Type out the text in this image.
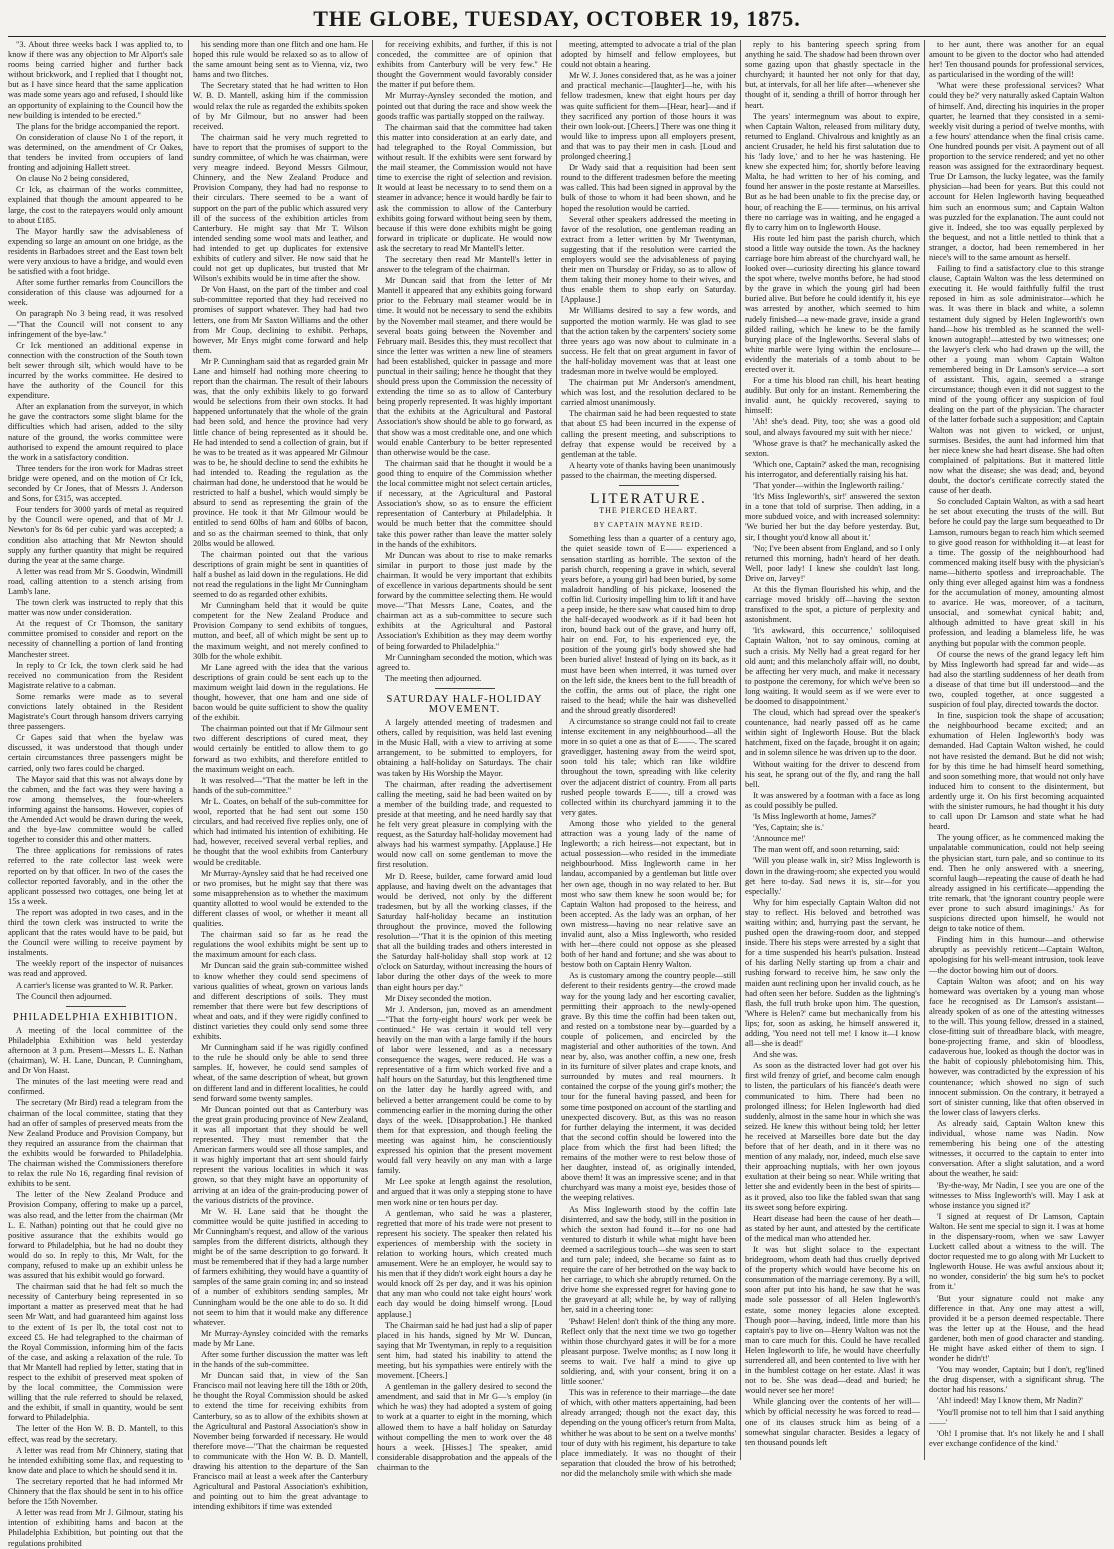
THE GLOBE, TUESDAY, OCTOBER 19, 1875.

"3. About three weeks back I was applied to, to know if there was any objection to Mr Alport's sale rooms being carried higher and further back without brickwork, and I replied that I thought not, but as I have since heard that the same application was made some years ago and refused, I should like an opportunity of explaining to the Council how the new building is intended to be erected."

The plans for the bridge accompanied the report.

On consideration of clause No 1 of the report, it was determined, on the amendment of Cr Oakes, that tenders be invited from occupiers of land fronting and adjoining Hallett street.

On clause No 2 being considered,

Cr Ick, as chairman of the works committee, explained that though the amount appeared to be large, the cost to the ratepayers would only amount to about £185.

The Mayor hardly saw the advisableness of expending so large an amount on one bridge, as the residents in Barbadoes street and the East town belt were very anxious to have a bridge, and would even be satisfied with a foot bridge.

After some further remarks from Councillors the consideration of this clause was adjourned for a week.

On paragraph No 3 being read, it was resolved—"That the Council will not consent to any infringement of the bye-law."

Cr Ick mentioned an additional expense in connection with the construction of the South town belt sewer through silt, which would have to be incurred by the works committee. He desired to have the authority of the Council for this expenditure.

After an explanation from the surveyor, in which he gave the contractors some slight blame for the difficulties which had arisen, added to the silty nature of the ground, the works committee were authorised to expend the amount required to place the work in a satisfactory condition.

Three tenders for the iron work for Madras street bridge were opened, and on the motion of Cr Ick, seconded by Cr Jones, that of Messrs J. Anderson and Sons, for £315, was accepted.

Four tenders for 3000 yards of metal as required by the Council were opened, and that of Mr J. Newton's for 8s 6d per cubic yard was accepted; a condition also attaching that Mr Newton should supply any further quantity that might be required during the year at the same charge.

A letter was read from Mr S. Goodwin, Windmill road, calling attention to a stench arising from Lamb's lane.

The town clerk was instructed to reply that this matter was now under consideration.

At the request of Cr Thomson, the sanitary committee promised to consider and report on the necessity of channelling a portion of land fronting Manchester street.

In reply to Cr Ick, the town clerk said he had received no communication from the Resident Magistrate relative to a cabman.

Some remarks were made as to several convictions lately obtained in the Resident Magistrate's Court through hansom drivers carrying three passengers.

Cr Gapes said that when the byelaw was discussed, it was understood that though under certain circumstances three passengers might be carried, only two fares could be charged.

The Mayor said that this was not always done by the cabmen, and the fact was they were having a row among themselves, the four-wheelers informing against the hansoms. However, copies of the Amended Act would be drawn during the week, and the bye-law committee would be called together to consider this and other matters.

The three applications for remissions of rates referred to the rate collector last week were reported on by that officer. In two of the cases the collector reported favorably, and in the other the applicant possessed two cottages, one being let at 15s a week.

The report was adopted in two cases, and in the third the town clerk was instructed to write the applicant that the rates would have to be paid, but the Council were willing to receive payment by instalments.

The weekly report of the inspector of nuisances was read and approved.

A carrier's license was granted to W. R. Parker.

The Council then adjourned.

PHILADELPHIA EXHIBITION.

A meeting of the local committee of the Philadelphia Exhibition was held yesterday afternoon at 3 p.m. Present—Messrs L. E. Nathan (chairman), W. H. Lane, Duncan, P. Cunningham, and Dr Von Haast.

The minutes of the last meeting were read and confirmed.

The secretary (Mr Bird) read a telegram from the chairman of the local committee, stating that they had an offer of samples of preserved meats from the New Zealand Produce and Provision Company, but they required an assurance from the chairman that the exhibits would be forwarded to Philadelphia. The chairman wished the Commissioners therefore to relax the rule No 16, regarding final revision of exhibits to be sent.

The letter of the New Zealand Produce and Provision Company, offering to make up a parcel, was also read, and the letter from the chairman (Mr L. E. Nathan) pointing out that he could give no positive assurance that the exhibits would go forward to Philadelphia, but he had no doubt they would do so. In reply to this, Mr Walt, for the company, refused to make up an exhibit unless he was assured that his exhibit would go forward.

The chairman said that he had felt so much the necessity of Canterbury being represented in so important a matter as preserved meat that he had seen Mr Watt, and had guaranteed him against loss to the extent of 1s per lb, the total cost not to exceed £5. He had telegraphed to the chairman of the Royal Commission, informing him of the facts of the case, and asking a relaxation of the rule. To that Mr Mantell had replied by letter, stating that in respect to the exhibit of preserved meat spoken of by the local committee, the Commission were willing that the rule referred to should be relaxed, and the exhibit, if small in quantity, would be sent forward to Philadelphia.

The letter of the Hon W. B. D. Mantell, to this effect, was read by the secretary.

A letter was read from Mr Chinnery, stating that he intended exhibiting some flax, and requesting to know date and place to which he should send it in.

The secretary reported that he had informed Mr Chinnery that the flax should be sent in to his office before the 15th November.

A letter was read from Mr J. Gilmour, stating his intention of exhibiting hams and bacon at the Philadelphia Exhibition, but pointing out that the regulations prohibited

his sending more than one flitch and one ham. He hoped this rule would be relaxed so as to allow of the same amount being sent as to Vienna, viz, two hams and two flitches.

The Secretary stated that he had written to Hon W. B. D. Mantell, asking him if the commission would relax the rule as regarded the exhibits spoken of by Mr Gilmour, but no answer had been received.

The chairman said he very much regretted to have to report that the promises of support to the sundry committee, of which he was chairman, were very meagre indeed. Beyond Messrs Gilmour, Chinnery, and the New Zealand Produce and Provision Company, they had had no response to their circulars. There seemed to be a want of support on the part of the public which assured very ill of the success of the exhibition articles from Canterbury. He might say that Mr T. Wilson intended sending some wool mats and leather, and had intended to get up duplicates for extensive exhibits of cutlery and silver. He now said that he could not get up duplicates, but trusted that Mr Wilson's exhibits would be in time after the show.

Dr Von Haast, on the part of the timber and coal sub-committee reported that they had received no promises of support whatever. They had had two letters, one from Mr Saxton Williams and the other from Mr Coup, declining to exhibit. Perhaps, however, Mr Enys might come forward and help them.

Mr P. Cunningham said that as regarded grain Mr Lane and himself had nothing more cheering to report than the chairman. The result of their labours was, that the only exhibits likely to go forward would be selections from their own stocks. It had happened unfortunately that the whole of the grain had been sold, and hence the province had very little chance of being represented as it should be. He had intended to send a collection of grain, but if he was to be treated as it was appeared Mr Gilmour was to be, he should decline to send the exhibits he had intended to. Reading the regulation as the chairman had done, he understood that he would be restricted to half a bushel, which would simply be absurd to send as representing the grain of the province. He took it that Mr Gilmour would be entitled to send 60lbs of ham and 60lbs of bacon, and so as the chairman seemed to think, that only 20lbs would be allowed.

The chairman pointed out that the various descriptions of grain might be sent in quantities of half a bushel as laid down in the regulations. He did not read the regulations in the light Mr Cunningham seemed to do as regarded other exhibits.

Mr Cunningham held that it would be quite competent for the New Zealand Produce and Provision Company to send exhibits of tongues, mutton, and beef, all of which might be sent up to the maximum weight, and not merely confined to 30lb for the whole exhibit.

Mr Lane agreed with the idea that the various descriptions of grain could be sent each up to the maximum weight laid down in the regulations. He thought, however, that one ham and one side of bacon would be quite sufficient to show the quality of the exhibit.

The chairman pointed out that if Mr Gilmour sent two different descriptions of cured meat, they would certainly be entitled to allow them to go forward as two exhibits, and therefore entitled to the maximum weight on each.

It was resolved—"That the matter be left in the hands of the sub-committee."

Mr L. Coates, on behalf of the sub-committee for wool, reported that he had sent out some 150 circulars, and had received five replies only, one of which had intimated his intention of exhibiting. He had, however, received several verbal replies, and he thought that the wool exhibits from Canterbury would be creditable.

Mr Murray-Aynsley said that he had received one or two promises, but he might say that there was some misapprehension as to whether the maximum quantity allotted to wool would be extended to the different classes of wool, or whether it meant all qualities.

The chairman said so far as he read the regulations the wool exhibits might be sent up to the maximum amount for each class.

Mr Duncan said the grain sub-committee wished to know whether they could send specimens of various qualities of wheat, grown on various lands and different descriptions of soils. They must remember that there were but few descriptions of wheat and oats, and if they were rigidly confined to distinct varieties they could only send some three exhibits.

Mr Cunningham said if he was rigidly confined to the rule he should only be able to send three samples. If, however, he could send samples of wheat, of the same description of wheat, but grown on different land and in different localities, he could send forward some twenty samples.

Mr Duncan pointed out that as Canterbury was the great grain producing province of New Zealand, it was all important that they should be well represented. They must remember that the American farmers would see all those samples, and it was highly important that art sent should fairly represent the various localities in which it was grown, so that they might have an opportunity of arriving at an idea of the grain-producing power of the various districts of the province.

Mr W. H. Lane said that he thought the committee would be quite justified in acceding to Mr Cunningham's request, and allow of the various samples from the different districts, although they might be of the same description to go forward. It must be remembered that if they had a large number of farmers exhibiting, they would have a quantity of samples of the same grain coming in; and so instead of a number of exhibitors sending samples, Mr Cunningham would be the one able to do so. It did not seem to him that it would make any difference whatever.

Mr Murray-Aynsley coincided with the remarks made by Mr Lane.

After some further discussion the matter was left in the hands of the sub-committee.

Mr Duncan said that, in view of the San Francisco mail not leaving here till the 18th or 20th, he thought the Royal Commission should be asked to extend the time for receiving exhibits from Canterbury, so as to allow of the exhibits shown at the Agricultural and Pastoral Association's show in November being forwarded if necessary. He would therefore move—"That the chairman be requested to communicate with the Hon W. B. D. Mantell, drawing his attention to the departure of the San Francisco mail at least a week after the Canterbury Agricultural and Pastoral Association's exhibition, and pointing out to him the great advantage to intending exhibitors if time was extended

for receiving exhibits, and further, if this is not conceded, the committee are of opinion that exhibits from Canterbury will be very few." He thought the Government would favorably consider the matter if put before them.

Mr Murray-Aynsley seconded the motion, and pointed out that during the race and show week the goods traffic was partially stopped on the railway.

The chairman said that the committee had taken this matter into consideration at an early date, and had telegraphed to the Royal Commission, but without result. If the exhibits were sent forward by the mail steamer, the Commission would not have time to exercise the right of selection and revision. It would at least be necessary to to send them on a steamer in advance; hence it would hardly be fair to ask the commission to allow of the Canterbury exhibits going forward without being seen by them, because if this were done exhibits might be going forward in triplicate or duplicate. He would now ask the secretary to read Mr Mantell's letter.

The secretary then read Mr Mantell's letter in answer to the telegram of the chairman.

Mr Duncan said that from the letter of Mr Mantell it appeared that any exhibits going forward prior to the February mail steamer would be in time. It would not be necessary to send the exhibits by the November mail steamer, and there would be several boats going between the November and February mail. Besides this, they must recollect that since the letter was written a new line of steamers had been established, quicker in passage and more punctual in their sailing; hence he thought that they should press upon the Commission the necessity of extending the time so as to allow of Canterbury being properly represented. It was highly important that the exhibits at the Agricultural and Pastoral Association's show should be able to go forward, as that show was a most creditable one, and one which would enable Canterbury to be better represented than otherwise would be the case.

The chairman said that he thought it would be a good thing to enquire of the Commission whether the local committee might not select certain articles, if necessary, at the Agricultural and Pastoral Association's show, so as to ensure the efficient representation of Canterbury at Philadelphia. It would be much better that the committee should take this power rather than leave the matter solely in the hands of the exhibitors.

Mr Duncan was about to rise to make remarks similar in purport to those just made by the chairman. It would be very important that exhibits of excellence in various departments should be sent forward by the committee selecting them. He would move—"That Messrs Lane, Coates, and the chairman act as a sub-committee to secure such exhibits at the Agricultural and Pastoral Association's Exhibition as they may deem worthy of being forwarded to Philadelphia."

Mr Cunningham seconded the motion, which was agreed to.

The meeting then adjourned.

SATURDAY HALF-HOLIDAY MOVEMENT.

A largely attended meeting of tradesmen and others, called by requisition, was held last evening in the Music Hall, with a view to arriving at some arrangement, to be submitted to employers, for obtaining a half-holiday on Saturdays. The chair was taken by His Worship the Mayor.

The chairman, after reading the advertisement calling the meeting, said he had been waited on by a member of the building trade, and requested to preside at that meeting, and he need hardly say that he felt very great pleasure in complying with the request, as the Saturday half-holiday movement had always had his warmest sympathy. [Applause.] He would now call on some gentleman to move the first resolution.

Mr D. Reese, builder, came forward amid loud applause, and having dwelt on the advantages that would be derived, not only by the different tradesmen, but by all the working classes, if the Saturday half-holiday became an institution throughout the province, moved the following resolution—"That it is the opinion of this meeting that all the building trades and others interested in the Saturday half-holiday shall stop work at 12 o'clock on Saturday, without increasing the hours of labor during the other days of the week to more than eight hours per day."

Mr Dixey seconded the motion.

Mr J. Anderson, jun, moved as an amendment—"That the forty-eight hours' work per week be continued." He was certain it would tell very heavily on the man with a large family if the hours of labor were lessened, and as a necessary consequence the wages, were reduced. He was a representative of a firm which worked five and a half hours on the Saturday, but this lengthened time on the latter day he hardly agreed with, and believed a better arrangement could be come to by commencing earlier in the morning during the other days of the week. [Disapprobation.] He thanked them for that expression, and though feeling the meeting was against him, he conscientiously expressed his opinion that the present movement would fall very heavily on any man with a large family.

Mr Lee spoke at length against the resolution, and argued that it was only a stepping stone to have men work nine or ten hours per day.

A gentleman, who said he was a plasterer, regretted that more of his trade were not present to represent his society. The speaker then related his experiences of membership with the society in relation to working hours, which created much amusement. Were he an employer, he would say to his men that if they didn't work eight hours a day he would knock off 2s per day, and it was his opinion that any man who could not take eight hours' work each day would be doing himself wrong. [Loud applause.]

The Chairman said he had just had a slip of paper placed in his hands, signed by Mr W. Duncan, saying that Mr Twentyman, in reply to a requisition sent him, had stated his inability to attend the meeting, but his sympathies were entirely with the movement. [Cheers.]

A gentleman in the gallery desired to second the amendment, and said that in Mr G—'s employ (in which he was) they had adopted a system of going to work at a quarter to eight in the morning, which allowed them to have a half holiday on Saturday without compelling the men to work over the 48 hours a week. [Hisses.] The speaker, amid considerable disapprobation and the appeals of the chairman to the

meeting, attempted to advocate a trial of the plan adopted by himself and fellow employees, but could not obtain a hearing.

Mr W. J. Jones considered that, as he was a joiner and practical mechanic—[laughter]—he, with his fellow tradesmen, knew that eight hours per day was quite sufficient for them—[Hear, hear]—and if they sacrificed any portion of those hours it was their own look-out. [Cheers.] There was one thing it would like to impress upon all employers present, and that was to pay their men in cash. [Loud and prolonged cheering.]

Dr Wady said that a requisition had been sent round to the different tradesmen before the meeting was called. This had been signed in approval by the bulk of those to whom it had been shown, and he hoped the resolution would be carried.

Several other speakers addressed the meeting in favor of the resolution, one gentleman reading an extract from a letter written by Mr Twentyman, suggesting that if the resolution were carried the employers would see the advisableness of paying their men on Thursday or Friday, so as to allow of them taking their money home to their wives, and thus enable them to shop early on Saturday. [Applause.]

Mr Williams desired to say a few words, and supported the motion warmly. He was glad to see that the action taken by the carpenters' society some three years ago was now about to culminate in a success. He felt that on great argument in favor of the half-holiday movement was that at least one tradesman more in twelve would be employed.

The chairman put Mr Anderson's amendment, which was lost, and the resolution declared to be carried almost unanimously.

The chairman said he had been requested to state that about £5 had been incurred in the expense of calling the present meeting, and subscriptions to defray that expense would be received by a gentleman at the table.

A hearty vote of thanks having been unanimously passed to the chairman, the meeting dispersed.

LITERATURE.
THE PIERCED HEART.
BY CAPTAIN MAYNE REID.

Something less than a quarter of a century ago, the quiet seaside town of E—— experienced a sensation startling as horrible. The sexton of the parish church, reopening a grave in which, several years before, a young girl had been buried, by some maladroit handling of his pickaxe, loosened the coffin lid. Curiosity impelling him to lift it and have a peep inside, he there saw what caused him to drop the half-decayed woodwork as if it had been hot iron, bound back out of the grave, and hurry off, hair on end. For, to his experienced eye, the position of the young girl's body showed she had been buried alive! Instead of lying on its back, as it must have been when interred, it was turned over on the left side, the knees bent to the full breadth of the coffin, the arms out of place, the right one raised to the head; while the hair was dishevelled and the shroud greatly disordered!

A circumstance so strange could not fail to create intense excitement in any neighbourhood—all the more in so quiet a one as that of E——. The scared gravedigger, hastening away from the weird spot, soon told his tale; which ran like wildfire throughout the town, spreading with like celerity over the adjacent district of country. From all parts rushed people towards E——, till a crowd was collected within its churchyard jamming it to the very gates.

Among those who yielded to the general attraction was a young lady of the name of Ingleworth; a rich heiress—not expectant, but in actual possession—who resided in the immediate neighbourhood. Miss Ingleworth came in her landau, accompanied by a gentleman but little over her own age, though in no way related to her. But most who saw them knew he soon would be; for Captain Walton had proposed to the heiress, and been accepted. As the lady was an orphan, of her own mistress—having no near relative save an invalid aunt, also a Miss Ingleworth, who resided with her—there could not oppose as she pleased both of her hand and fortune; and she was about to bestow both on Captain Henry Walton.

As is customary among the country people—still deferent to their residents gentry—the crowd made way for the young lady and her escorting cavalier, permitting their approach to the newly-opened grave. By this time the coffin had been taken out, and rested on a tombstone near by—guarded by a couple of policemen, and encircled by the magisterial and other authorities of the town. And near by, also, was another coffin, a new one, fresh in its furniture of silver plates and crape knots, and surrounded by mutes and real mourners. It contained the corpse of the young girl's mother; the tour for the funeral having passed, and been for some time postponed on account of the startling and unexpected discovery. But, as this was no reason for further delaying the interment, it was decided that the second coffin should be lowered into the place from which the first had been lifted; the remains of the mother were to rest below those of her daughter, instead of, as originally intended, above them! It was an impressive scene; and in that churchyard was many a moist eye, besides those of the weeping relatives.

As Miss Ingleworth stood by the coffin late disinterred, and saw the body, still in the position in which the sexton had found it—for no one had ventured to disturb it while what might have been deemed a sacrilegious touch—she was seen to start and turn pale; indeed, she became so faint as to require the care of her betrothed on the way back to her carriage, to which she abruptly returned. On the drive home she expressed regret for having gone to the graveyard at all; while he, by way of rallying her, said in a cheering tone:

'Pshaw! Helen! don't think of the thing any more. Reflect only that the next time we two go together within those churchyard gates it will be for a more pleasant purpose. Twelve months; as I now long it seems to wait. I've half a mind to give up soldiering, and, with your consent, bring it on a little sooner.'

This was in reference to their marriage—the date of which, with other matters appertaining, had been already arranged; though not the exact day, this depending on the young officer's return from Malta, whither he was about to be sent on a twelve months' tour of duty with his regiment, his departure to take place immediately. It was no thought of their separation that clouded the brow of his betrothed; nor did the melancholy smile with which she made

reply to his bantering speech spring from anything he said. The shadow had been thrown over some gazing upon that ghastly spectacle in the churchyard; it haunted her not only for that day, but, at intervals, for all her life after—whenever she thought of it, sending a thrill of horror through her heart.

The years' intermegnum was about to expire, when Captain Walton, released from military duty, returned to England. Chivalrous and knightly as an ancient Crusader, he held his first salutation due to his 'lady love,' and to her he was hastening. He knew she expected him; for, shortly before leaving Malta, he had written to her of his coming, and found her answer in the poste restante at Marseilles. But as he had been unable to fix the precise day, or hour, of reaching the E—— terminus, on his arrival there no carriage was in waiting, and he engaged a fly to carry him on to Ingleworth House.

His route led him past the parish church, which stood a little way outside the town. As the hackney carriage bore him abreast of the churchyard wall, he looked over—curiosity directing his glance toward the spot where, twelve months before, he had stood by the grave in which the young girl had been buried alive. But before he could identify it, his eye was arrested by another, which seemed to him rudely finished—a new-made grave, inside a grand gilded railing, which he knew to be the family burying place of the Ingleworths. Several slabs of white marble were lying within the enclosure—evidently the materials of a tomb about to be erected over it.

For a time his blood ran chill, his heart beating audibly. But only for an instant. Remembering the invalid aunt, he quickly recovered, saying to himself:

'Ah! she's dead. Pity, too; she was a good old soul, and always favoured my suit with her niece.'

'Whose grave is that?' he mechanically asked the sexton.

'Which one, Captain?' asked the man, recognising his interrogator, and deferentially raising his hat.

'That yonder—within the Ingleworth railing.'

'It's Miss Ingleworth's, sir!' answered the sexton in a tone that told of surprise. Then adding, in a more subdued voice, and with increased solemnity: 'We buried her but the day before yesterday. But, sir, I thought you'd know all about it.'

'No; I've been absent from England, and so I only returned this morning, hadn't heard of her death. Well, poor lady! I knew she couldn't last long. Drive on, Jarvey!'

At this the flyman flourished his whip, and the carriage moved briskly off—having the sexton transfixed to the spot, a picture of perplexity and astonishment.

'It's awkward, this occurrence,' soliloquised Captain Walton, 'not to say ominous, coming at such a crisis. My Nelly had a great regard for her old aunt; and this melancholy affair will, no doubt, be affecting her very much, and make it necessary to postpone the ceremony, for which we've been so long waiting. It would seem as if we were ever to be doomed to disappointment.'

The cloud, which had spread over the speaker's countenance, had nearly passed off as he came within sight of Ingleworth House. But the black hatchment, fixed on the façade, brought it on again; and in solemn silence he was driven up to the door.

Without waiting for the driver to descend from his seat, he sprang out of the fly, and rang the hall bell.

It was answered by a footman with a face as long as could possibly be pulled.

'Is Miss Ingleworth at home, James?'

'Yes, Captain; she is.'

'Announce me!'

The man went off, and soon returning, said:

'Will you please walk in, sir? Miss Ingleworth is down in the drawing-room; she expected you would get here to-day. Sad news it is, sir—for you especially.'

Why for him especially Captain Walton did not stay to reflect. His beloved and betrothed was waiting within; and, hurrying past the servant, he pushed open the drawing-room door, and stepped inside. There his steps were arrested by a sight that for a time suspended his heart's pulsation. Instead of his darling Nelly starting up from a chair and rushing forward to receive him, he saw only the maiden aunt reclining upon her invalid couch, as he had often seen her before. Sudden as the lightning's flash, the full truth broke upon him. The question, 'Where is Helen?' came but mechanically from his lips; for, soon as asking, he himself answered it, adding, 'You need not tell me! I know it—I know all—she is dead!'

And she was.

As soon as the distracted lover had got over his first wild frenzy of grief, and become calm enough to listen, the particulars of his fiancée's death were communicated to him. There had been no prolonged illness; for Helen Ingleworth had died suddenly, almost in the same hour in which she was seized. He knew this without being told; her letter he received at Marseilles bore date but the day before that of her death, and in it there was no mention of any malady, nor, indeed, much else save their approaching nuptials, with her own joyous exultation at their being so near. While writing that letter she and evidently been in the best of spirits—as it proved, also too like the fabled swan that sang its sweet song before expiring.

Heart disease had been the cause of her death—as stated by her aunt, and attested by the certificate of the medical man who attended her.

It was but slight solace to the expectant bridegroom, whom death had thus cruelly deprived of the property which would have become his on consummation of the marriage ceremony. By a will, soon after put into his hand, he saw that he was made sole possessor of all Helen Ingleworth's estate, some money legacies alone excepted. Though poor—having, indeed, little more than his captain's pay to live on—Henry Walton was not the man to care much for this. Could he have recalled Helen Ingleworth to life, he would have cheerfully surrendered all, and been contented to live with her in the humblest cottage on her estate. Alas! it was not to be. She was dead—dead and buried; he would never see her more!

While glancing over the contents of her will—which by official necessity he was forced to read—one of its clauses struck him as being of a somewhat singular character. Besides a legacy of ten thousand pounds left

to her aunt, there was another for an equal amount to be given to the doctor who had attended her! Ten thousand pounds for professional services, as particularised in the wording of the will!

'What were these professional services? What could they be?' very naturally asked Captain Walton of himself. And, directing his inquiries in the proper quarter, he learned that they consisted in a semi-weekly visit during a period of twelve months, with a few hours' attendance when the final crisis came. One hundred pounds per visit. A payment out of all proportion to the service rendered; and yet no other reason was assigned for the extraordinary bequest. True Dr Lamson, the lucky legatee, was the family physician—had been for years. But this could not account for Helen Ingleworth having bequeathed him such an enormous sum; and Captain Walton was puzzled for the explanation. The aunt could not give it. Indeed, she too was equally perplexed by the bequest, and not a little nettled to think that a stranger, a doctor, had been remembered in her niece's will to the same amount as herself.

Failing to find a satisfactory clue to this strange clause, Captain Walton was the less determined on executing it. He would faithfully fulfil the trust reposed in him as sole administrator—which he was. It was there in black and white, a solemn testament duly signed by Helen Ingleworth's own hand—how his trembled as he scanned the well-known autograph!—attested by two witnesses; one the lawyer's clerk who had drawn up the will, the other a young man whom Captain Walton remembered being in Dr Lamson's service—a sort of assistant. This, again, seemed a strange circumstance; though even it did not suggest to the mind of the young officer any suspicion of foul dealing on the part of the physician. The character of the latter forbade such a supposition; and Captain Walton was not given to wicked, or unjust, surmises. Besides, the aunt had informed him that her niece knew she had heart disease. She had often complained of palpitations. But it mattered little now what the disease; she was dead; and, beyond doubt, the doctor's certificate correctly stated the cause of her death.

So concluded Captain Walton, as with a sad heart he set about executing the trusts of the will. But before he could pay the large sum bequeathed to Dr Lamson, rumours began to reach him which seemed to give good reason for withholding it—at least for a time. The gossip of the neighbourhood had commenced making itself busy with the physician's name—hitherto spotless and irreproachable. The only thing ever alleged against him was a fondness for the accumulation of money, amounting almost to avarice. He was, moreover, of a taciturn, unsocial, and somewhat cynical habit; and, although admitted to have great skill in his profession, and leading a blameless life, he was anything but popular with the common people.

Of course the news of the grand legacy left him by Miss Ingleworth had spread far and wide—as had also the startling suddenness of her death from a disease of that time but ill understood—and the two, coupled together, at once suggested a suspicion of foul play, directed towards the doctor.

In fine, suspicion took the shape of accusation; the neighbourhood became excited; and an exhumation of Helen Ingleworth's body was demanded. Had Captain Walton wished, he could not have resisted the demand. But he did not wish; for by this time he had himself heard something, and soon something more, that would not only have induced him to consent to the disinterment, but ardently urge it. On his first becoming acquainted with the sinister rumours, he had thought it his duty to call upon Dr Lamson and state what he had heard.

The young officer, as he commenced making the unpalatable communication, could not help seeing the physician start, turn pale, and so continue to its end. Then he only answered with a sneering, scornful laugh—repeating the cause of death he had already assigned in his certificate—appending the trite remark, that 'the ignorant country people were ever prone to such absurd imaginings.' As for suspicions directed upon himself, he would not deign to take notice of them.

Finding him in this humour—and otherwise abruptly as peevishly reticent—Captain Walton, apologising for his well-meant intrusion, took leave—the doctor bowing him out of doors.

Captain Walton was afoot; and on his way homeward was overtaken by a young man whose face he recognised as Dr Lamson's assistant—already spoken of as one of the attesting witnesses to the will. This young fellow, dressed in a stained, close-fitting suit of threadbare black, with meagre, bone-projecting frame, and skin of bloodless, cadaverous hue, looked as though the doctor was in the habit of copiously phlebotomising him. This, however, was contradicted by the expression of his countenance; which showed no sign of such innocent submission. On the contrary, it betrayed a sort of sinister cunning, like that often observed in the lower class of lawyers clerks.

As already said, Captain Walton knew this individual, whose name was Nadin. Now remembering his being one of the attesting witnesses, it occurred to the captain to enter into conversation. After a slight salutation, and a word about the weather, he said:

'By-the-way, Mr Nadin, I see you are one of the witnesses to Miss Ingleworth's will. May I ask at whose instance you signed it?'

'I signed at request of Dr Lamson, Captain Walton. He sent me special to sign it. I was at home in the dispensary-room, when we saw Lawyer Luckett called about a witness to the will. The doctor requested me to go along with Mr Luckett to Ingleworth House. He was awful anxious about it; no wonder, considerin' the big sum he's to pocket from it.'

'But your signature could not make any difference in that. Any one may attest a will, provided it be a person deemed respectable. There was the letter up at the House, and the head gardener, both men of good character and standing. He might have asked either of them to sign. I wonder he didn't!'

'You may wonder, Captain; but I don't, reg'lined the drug dispenser, with a significant shrug. 'The doctor had his reasons.'

'Ah! indeed! May I know them, Mr Nadin?'

'You'll promise not to tell him that I said anything——'

'Oh! I promise that. It's not likely he and I shall ever exchange confidence of the kind.'
